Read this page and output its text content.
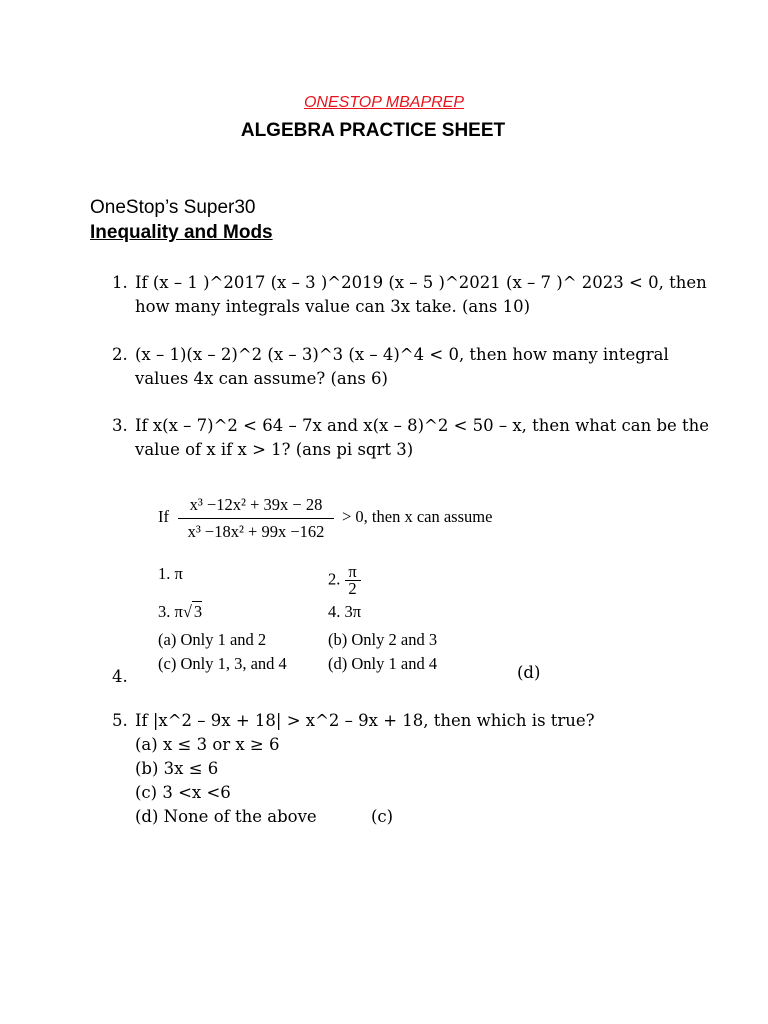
ONESTOP MBAPREP
ALGEBRA PRACTICE SHEET
OneStop’s Super30
Inequality and Mods
1. If (x – 1 )^2017 (x – 3 )^2019 (x – 5 )^2021 (x – 7 )^ 2023 < 0, then how many integrals value can 3x take. (ans 10)
2. (x – 1)(x – 2)^2 (x – 3)^3 (x – 4)^4 < 0, then how many integral values 4x can assume? (ans 6)
3. If x(x – 7)^2 < 64 – 7x and x(x – 8)^2 < 50 – x, then what can be the value of x if x > 1? (ans pi sqrt 3)
If
x³ −12x² + 39x − 28
x³ −18x² + 99x −162
> 0, then x can assume
1. π	2. $\frac{\pi}{2}$
3. π√ 3	4. 3π
(a) Only 1 and 2	(b) Only 2 and 3
(c) Only 1, 3, and 4 (d) Only 1 and 4
4.	(d)
5. If |x^2 – 9x + 18| > x^2 – 9x + 18, then which is true?
(a) x ≤ 3 or x ≥ 6
(b) 3x ≤ 6
(c) 3 <x <6
(d) None of the above	(c)
